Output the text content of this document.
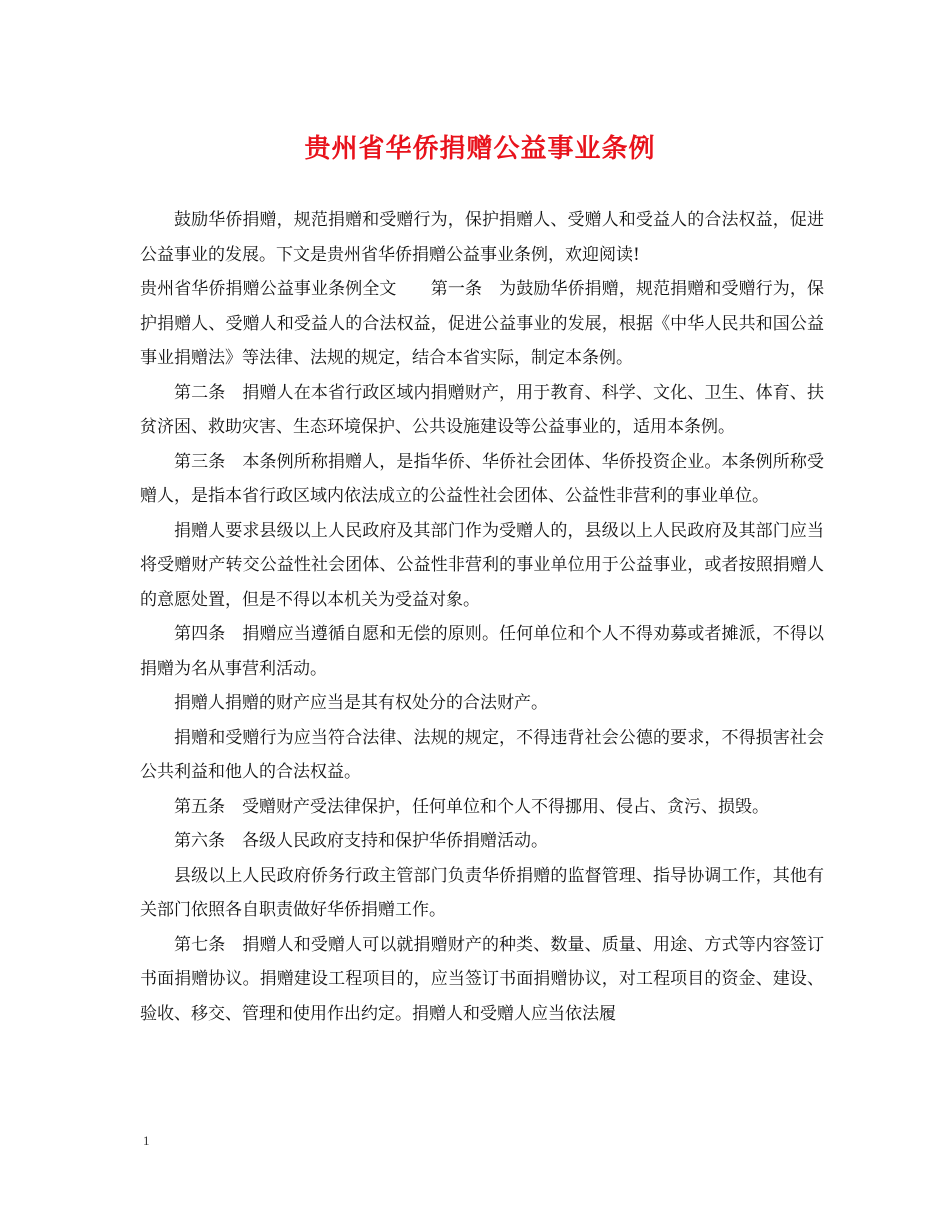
贵州省华侨捐赠公益事业条例

鼓励华侨捐赠，规范捐赠和受赠行为，保护捐赠人、受赠人和受益人的合法权益，促进公益事业的发展。下文是贵州省华侨捐赠公益事业条例，欢迎阅读!

贵州省华侨捐赠公益事业条例全文　　第一条　为鼓励华侨捐赠，规范捐赠和受赠行为，保护捐赠人、受赠人和受益人的合法权益，促进公益事业的发展，根据《中华人民共和国公益事业捐赠法》等法律、法规的规定，结合本省实际，制定本条例。

第二条　捐赠人在本省行政区域内捐赠财产，用于教育、科学、文化、卫生、体育、扶贫济困、救助灾害、生态环境保护、公共设施建设等公益事业的，适用本条例。

第三条　本条例所称捐赠人，是指华侨、华侨社会团体、华侨投资企业。本条例所称受赠人，是指本省行政区域内依法成立的公益性社会团体、公益性非营利的事业单位。

捐赠人要求县级以上人民政府及其部门作为受赠人的，县级以上人民政府及其部门应当将受赠财产转交公益性社会团体、公益性非营利的事业单位用于公益事业，或者按照捐赠人的意愿处置，但是不得以本机关为受益对象。

第四条　捐赠应当遵循自愿和无偿的原则。任何单位和个人不得劝募或者摊派，不得以捐赠为名从事营利活动。

捐赠人捐赠的财产应当是其有权处分的合法财产。

捐赠和受赠行为应当符合法律、法规的规定，不得违背社会公德的要求，不得损害社会公共利益和他人的合法权益。

第五条　受赠财产受法律保护，任何单位和个人不得挪用、侵占、贪污、损毁。

第六条　各级人民政府支持和保护华侨捐赠活动。

县级以上人民政府侨务行政主管部门负责华侨捐赠的监督管理、指导协调工作，其他有关部门依照各自职责做好华侨捐赠工作。

第七条　捐赠人和受赠人可以就捐赠财产的种类、数量、质量、用途、方式等内容签订书面捐赠协议。捐赠建设工程项目的，应当签订书面捐赠协议，对工程项目的资金、建设、验收、移交、管理和使用作出约定。捐赠人和受赠人应当依法履

1
